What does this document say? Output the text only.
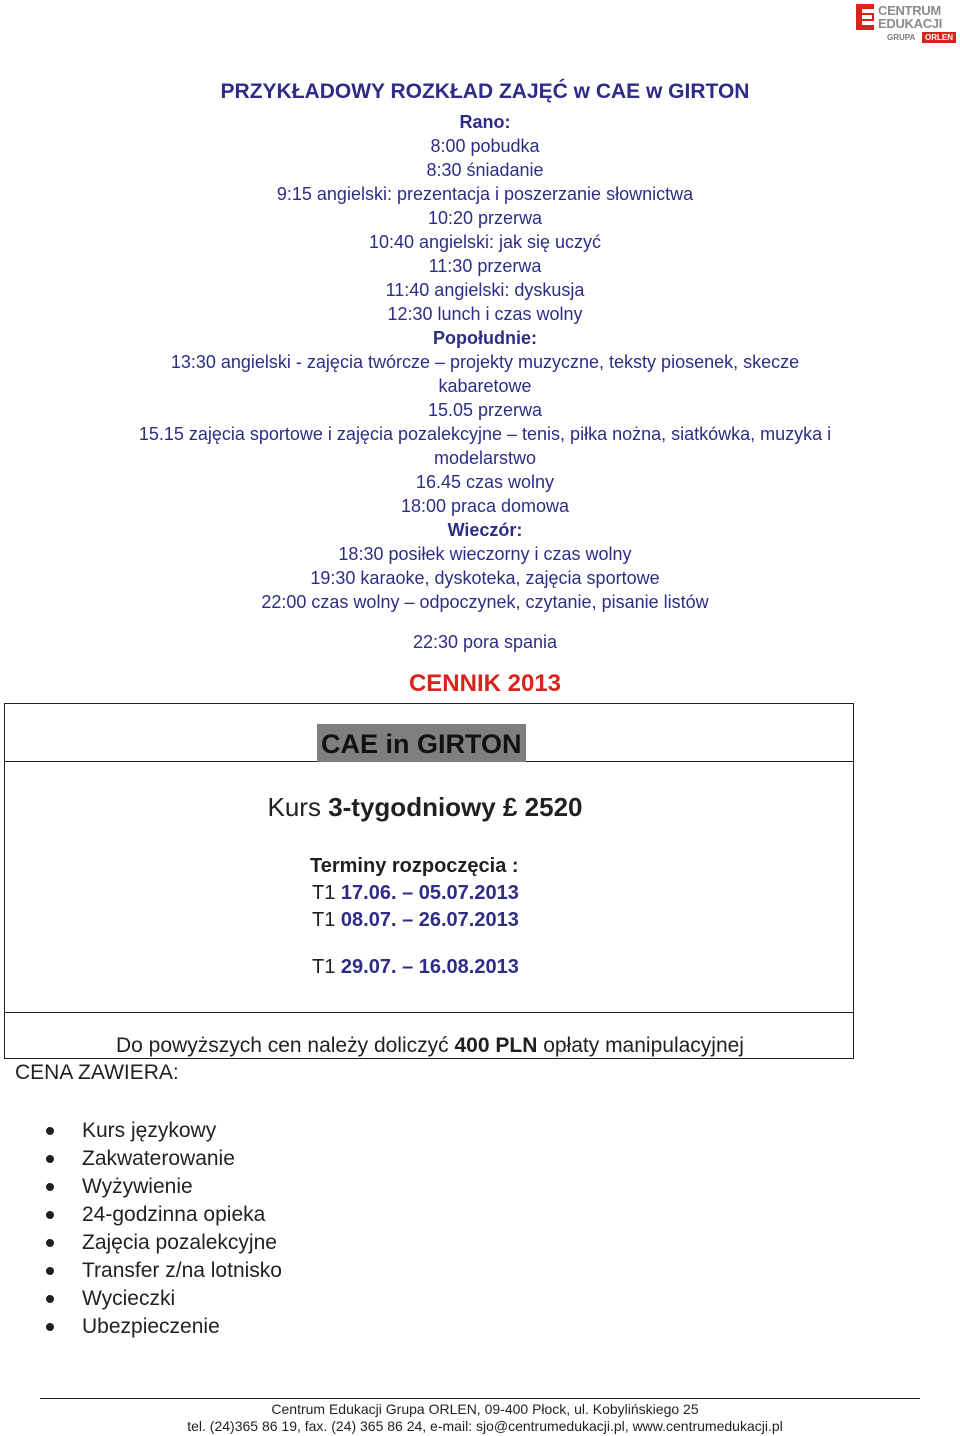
CENTRUM
EDUKACJI
GRUPA	ORLEN
PRZYKŁADOWY ROZKŁAD ZAJĘĆ w CAE w GIRTON
Rano:
8:00 pobudka
8:30 śniadanie
9:15 angielski: prezentacja i poszerzanie słownictwa
10:20 przerwa
10:40 angielski: jak się uczyć
11:30 przerwa
11:40 angielski: dyskusja
12:30 lunch i czas wolny
Popołudnie:
13:30 angielski - zajęcia twórcze – projekty muzyczne, teksty piosenek, skecze
kabaretowe
15.05 przerwa
15.15 zajęcia sportowe i zajęcia pozalekcyjne – tenis, piłka nożna, siatkówka, muzyka i
modelarstwo
16.45 czas wolny
18:00 praca domowa
Wieczór:
18:30 posiłek wieczorny i czas wolny
19:30 karaoke, dyskoteka, zajęcia sportowe
22:00 czas wolny – odpoczynek, czytanie, pisanie listów
22:30 pora spania
CENNIK 2013
CAE in GIRTON
Kurs 3-tygodniowy £ 2520
Terminy rozpoczęcia :
T1 17.06. – 05.07.2013
T1 08.07. – 26.07.2013
T1 29.07. – 16.08.2013
Do powyższych cen należy doliczyć 400 PLN opłaty manipulacyjnej
CENA ZAWIERA:
Kurs językowy
Zakwaterowanie
Wyżywienie
24-godzinna opieka
Zajęcia pozalekcyjne
Transfer z/na lotnisko
Wycieczki
Ubezpieczenie
Centrum Edukacji Grupa ORLEN, 09-400 Płock, ul. Kobylińskiego 25
tel. (24)365 86 19, fax. (24) 365 86 24, e-mail: sjo@centrumedukacji.pl, www.centrumedukacji.pl
